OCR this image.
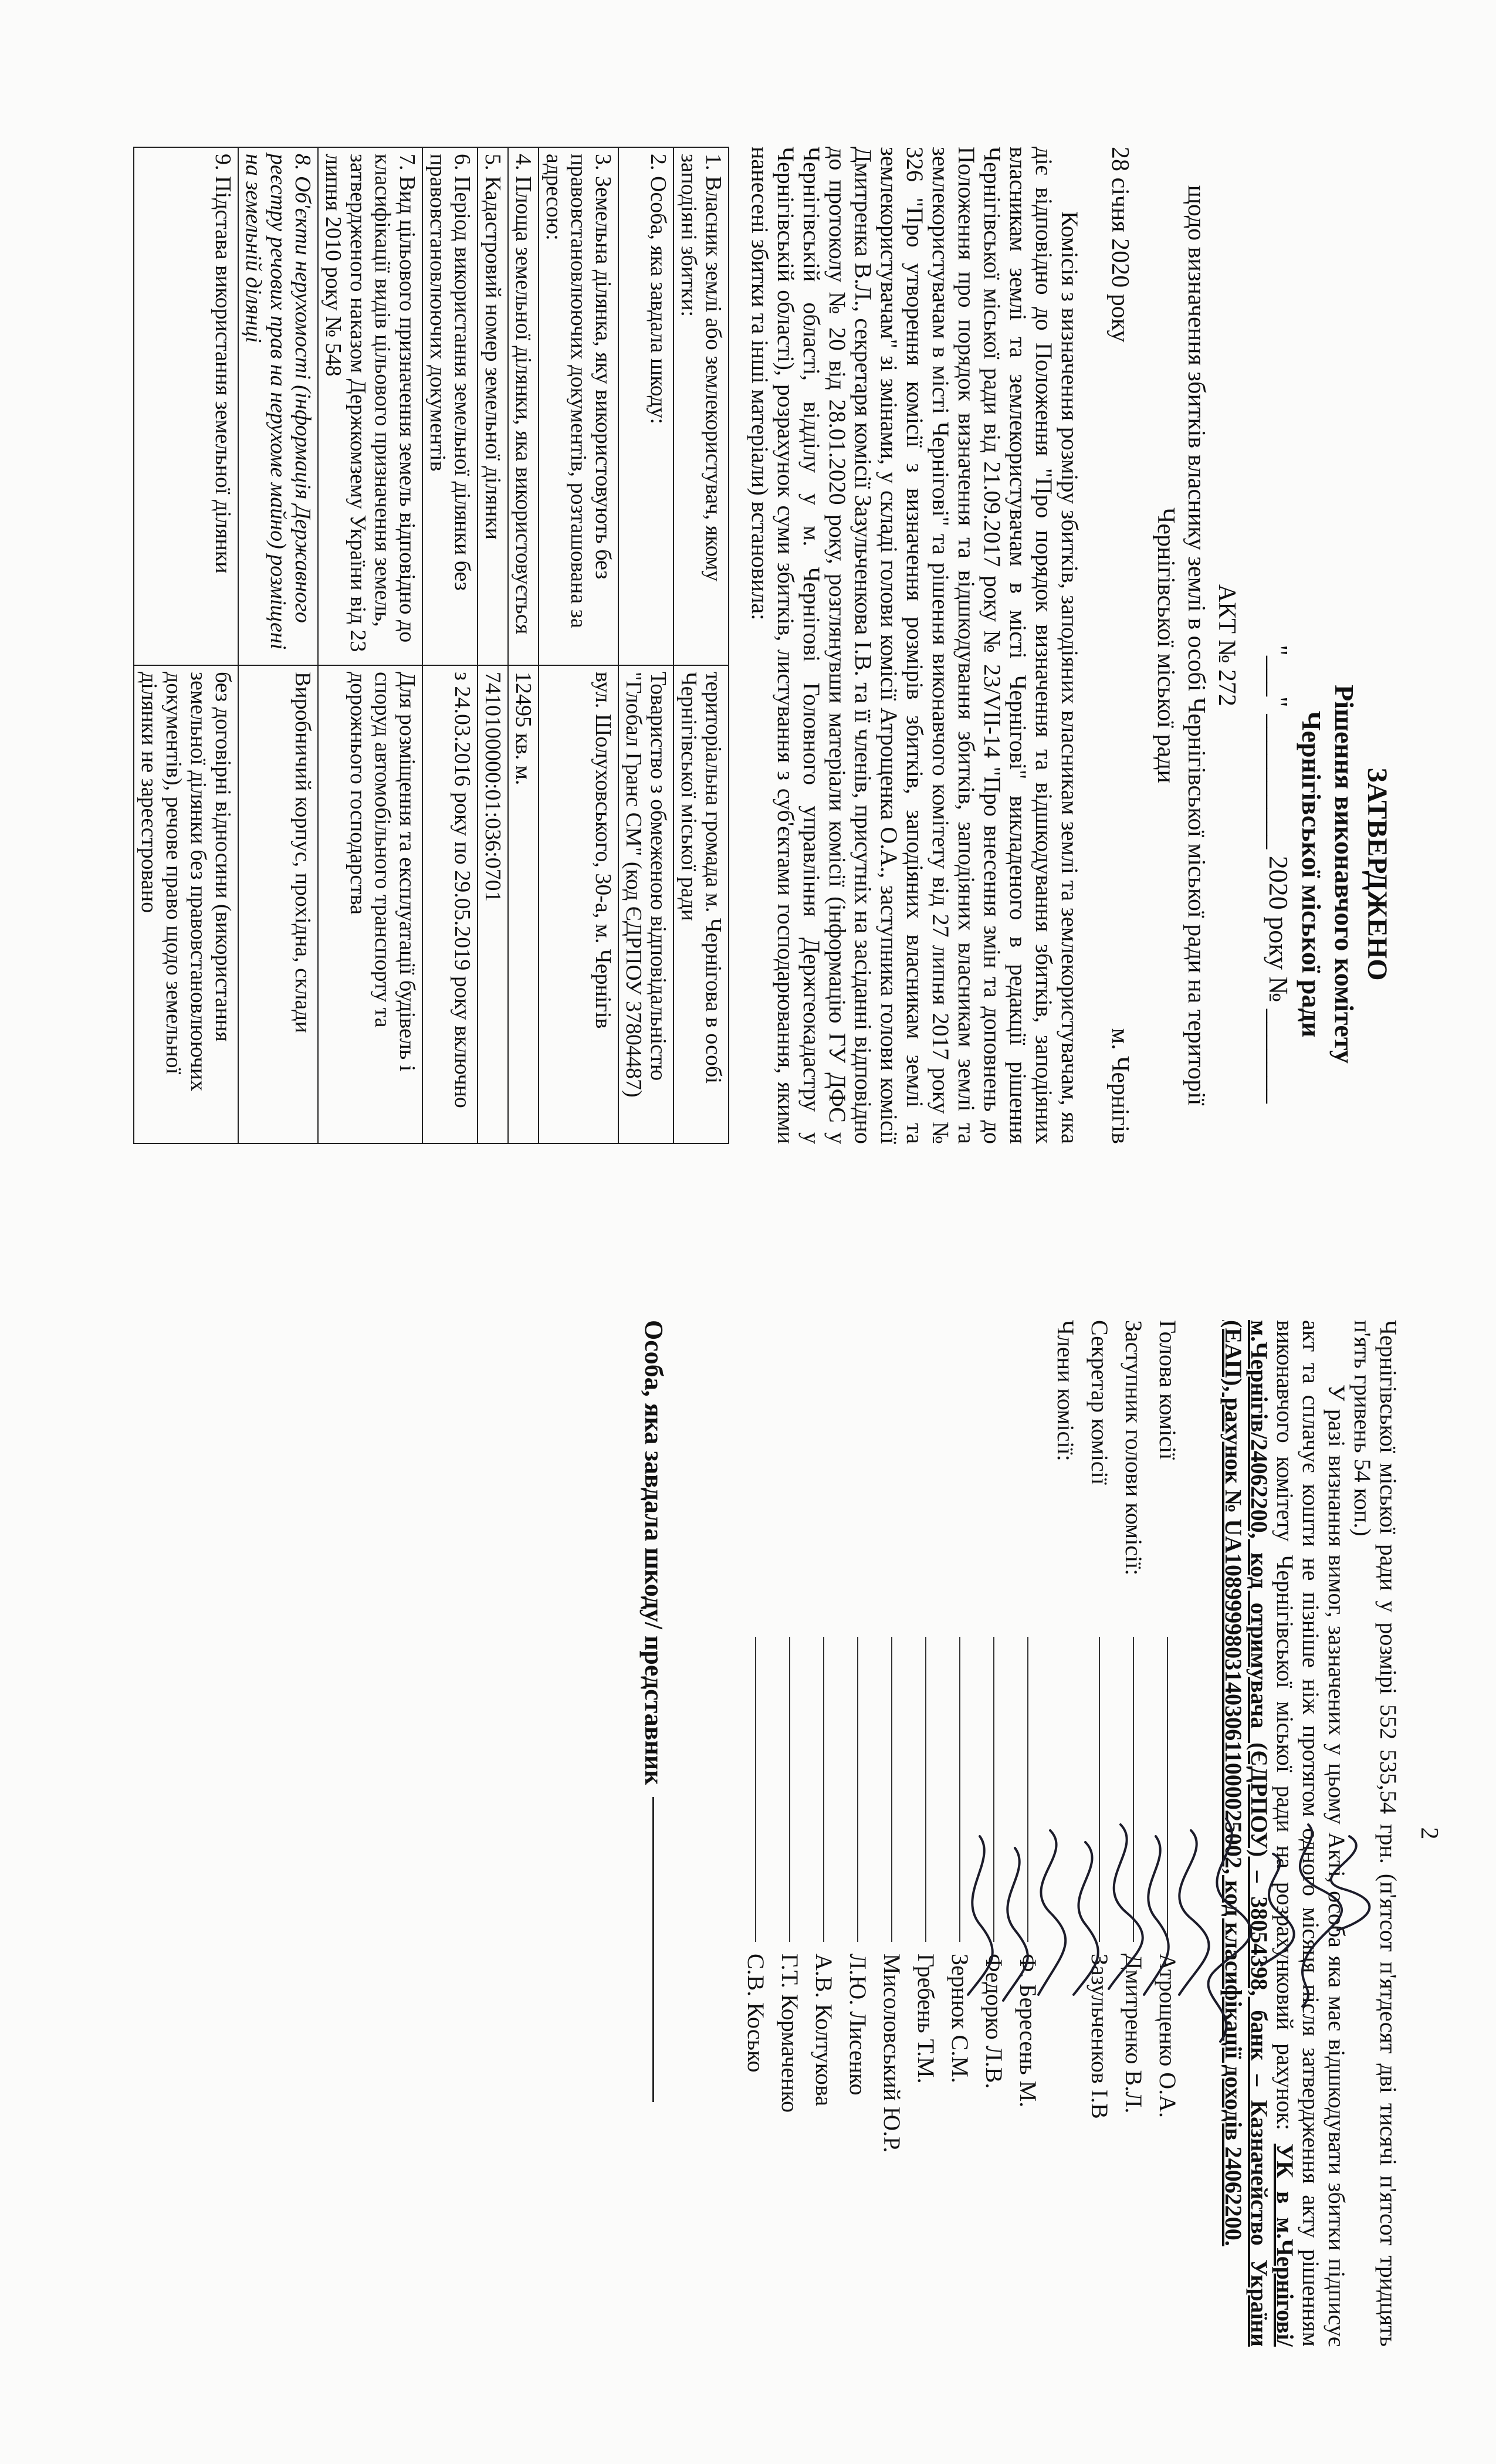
ЗАТВЕРДЖЕНО

Рішення виконавчого комітету

Чернігівської міської ради

"___" __________ 2020 року № _______

АКТ № 272

щодо визначення збитків власнику землі в особі Чернігівської міської ради на території

Чернігівської міської ради

28 січня 2020 року
м. Чернігів

Комісія з визначення розміру збитків, заподіяних власникам землі та землекористувачам, яка діє відповідно до Положення "Про порядок визначення та відшкодування збитків, заподіяних власникам землі та землекористувачам в місті Чернігові" викладеного в редакції рішення Чернігівської міської ради від 21.09.2017 року № 23/VII-14 "Про внесення змін та доповнень до Положення про порядок визначення та відшкодування збитків, заподіяних власникам землі та землекористувачам в місті Чернігові" та рішення виконавчого комітету від 27 липня 2017 року № 326 "Про утворення комісії з визначення розмірів збитків, заподіяних власникам землі та землекористувачам" зі змінами, у складі голови комісії Атрощенка О.А., заступника голови комісії Дмитренка В.Л., секретаря комісії Зазульченкова І.В. та її членів, присутніх на засіданні відповідно до протоколу № 20 від 28.01.2020 року, розглянувши матеріали комісії (інформацію ГУ ДФС у Чернігівській області, відділу у м. Чернігові Головного управління Держгеокадастру у Чернігівській області), розрахунок суми збитків, листування з суб'єктами господарювання, якими нанесені збитки та інші матеріали) встановила:

1. Власник землі або землекористувач, якому заподіяні збитки:	територіальна громада м. Чернігова в особі Чернігівської міської ради
2. Особа, яка завдала шкоду:	Товариство з обмеженою відповідальністю "Глобал Гранс СМ" (код ЄДРПОУ 37804487)
3. Земельна ділянка, яку використовують без правовстановлюючих документів, розташована за адресою:	вул. Шолуховського, 30-а, м. Чернігів
4. Площа земельної ділянки, яка використовується	12495 кв. м.
5. Кадастровий номер земельної ділянки	7410100000:01:036:0701
6. Період використання земельної ділянки без правовстановлюючих документів	з 24.03.2016 року по 29.05.2019 року включно
7. Вид цільового призначення земель відповідно до класифікації видів цільового призначення земель, затвердженого наказом Держкомзему України від 23 липня 2010 року № 548	Для розміщення та експлуатації будівель і споруд автомобільного транспорту та дорожнього господарства
8. Об'єкти нерухомості (інформація Державного реєстру речових прав на нерухоме майно) розміщені на земельній ділянці	Виробничий корпус, прохідна, склади
9. Підстава використання земельної ділянки	без договірні відносини (використання земельної ділянки без правовстановлюючих документів), речове право щодо земельної ділянки не зареєстровано

2

Чернігівської міської ради у розмірі 552 535,54 грн. (п'ятсот п'ятдесят дві тисячі п'ятсот тридцять п'ять гривень 54 коп.)

У разі визнання вимог, зазначених у цьому Акті, особа яка має відшкодувати збитки підписує акт та сплачує кошти не пізніше ніж протягом одного місяця після затвердження акту рішенням виконавчого комітету Чернігівської міської ради на розрахунковий рахунок: УК в м.Чернігові/м.Чернігів/24062200, код отримувача (ЄДРПОУ) – 38054398, банк – Казначейство України (ЕАП), рахунок № UA108999980314030611000025002, код класифікації доходів 24062200.

Голова комісії
Атрощенко О.А.
Заступник голови комісії:
Дмитренко В.Л.
Секретар комісії
Зазульченков І.В
Члени комісії:
Ф. Бересень М.
Федорко Л.В.
Зернюк С.М.
Гребень Т.М.
Мисоловський Ю.Р.
Л.Ю. Лисенко
А.В. Колтукова
Г.Т. Кормаченко
С.В. Косько
Особа, яка завдала шкоду/ представник
